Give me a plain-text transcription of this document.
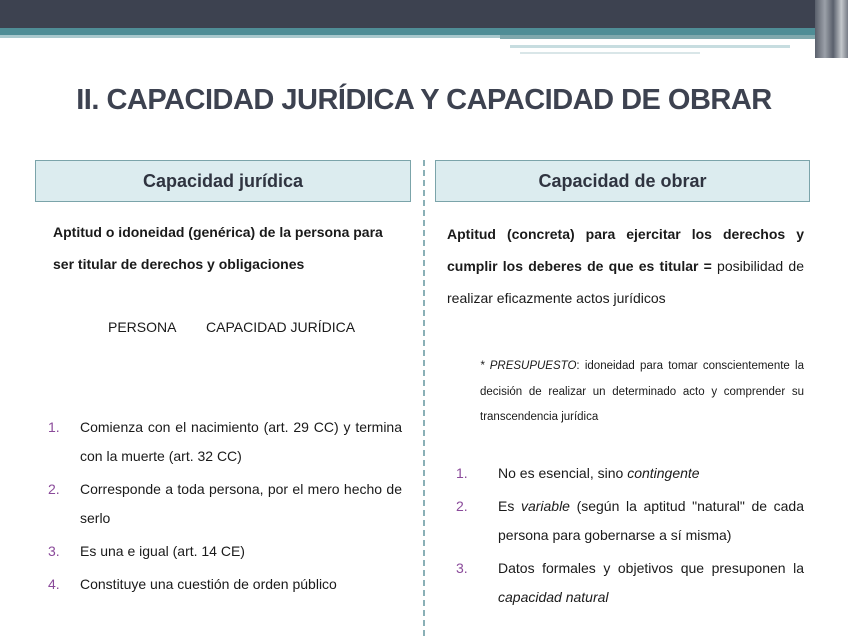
II. CAPACIDAD JURÍDICA Y CAPACIDAD DE OBRAR
Capacidad jurídica	Capacidad de obrar
Aptitud o idoneidad (genérica) de la persona para ser titular de derechos y obligaciones
PERSONA CAPACIDAD JURÍDICA
1. Comienza con el nacimiento (art. 29 CC) y termina con la muerte (art. 32 CC)
2. Corresponde a toda persona, por el mero hecho de serlo
3. Es una e igual (art. 14 CE)
4. Constituye una cuestión de orden público
Aptitud (concreta) para ejercitar los derechos y cumplir los deberes de que es titular = posibilidad de realizar eficazmente actos jurídicos
* PRESUPUESTO: idoneidad para tomar conscientemente la decisión de realizar un determinado acto y comprender su transcendencia jurídica
1. No es esencial, sino contingente
2. Es variable (según la aptitud "natural" de cada persona para gobernarse a sí misma)
3. Datos formales y objetivos que presuponen la capacidad natural
